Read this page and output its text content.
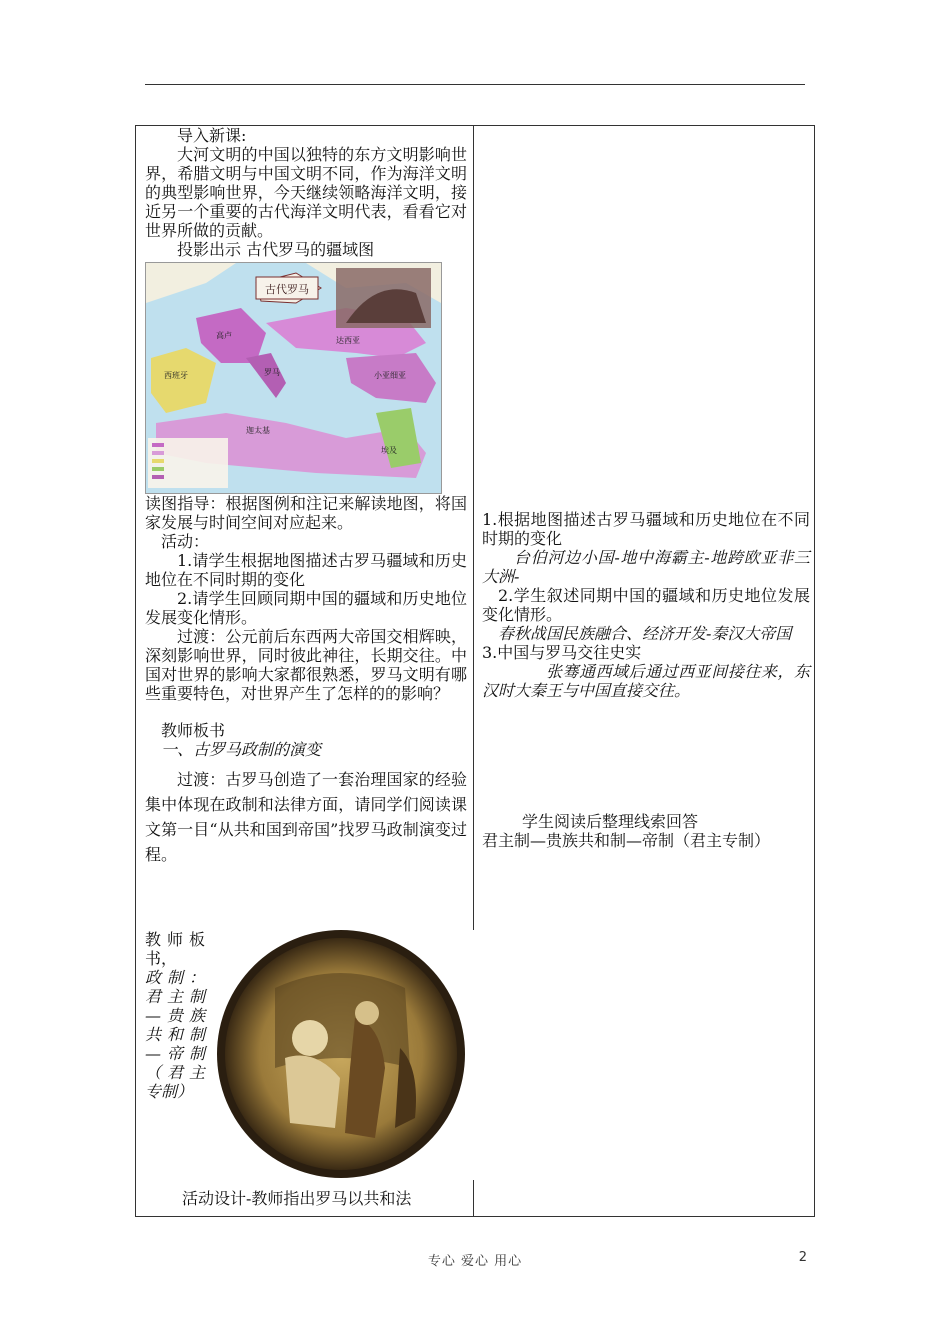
导入新课:

大河文明的中国以独特的东方文明影响世界，希腊文明与中国文明不同，作为海洋文明的典型影响世界，今天继续领略海洋文明，接近另一个重要的古代海洋文明代表，看看它对世界所做的贡献。

投影出示 古代罗马的疆域图

古代罗马
西班牙
高卢
罗马
达西亚
小亚细亚
埃及
迦太基

读图指导：根据图例和注记来解读地图，将国家发展与时间空间对应起来。

活动：

1.请学生根据地图描述古罗马疆域和历史地位在不同时期的变化

2.请学生回顾同期中国的疆域和历史地位发展变化情形。

过渡：公元前后东西两大帝国交相辉映，深刻影响世界，同时彼此神往，长期交往。中国对世界的影响大家都很熟悉，罗马文明有哪些重要特色，对世界产生了怎样的的影响？

教师板书

一、古罗马政制的演变

过渡：古罗马创造了一套治理国家的经验集中体现在政制和法律方面，请同学们阅读课文第一目“从共和国到帝国”找罗马政制演变过程。

教师板书，

政制：君主制—贵族共和制—帝制（君主专制）

活动设计-教师指出罗马以共和法

1.根据地图描述古罗马疆域和历史地位在不同时期的变化

台伯河边小国-地中海霸主-地跨欧亚非三大洲-

2.学生叙述同期中国的疆域和历史地位发展变化情形。

春秋战国民族融合、经济开发-秦汉大帝国

3.中国与罗马交往史实

张骞通西域后通过西亚间接往来，东汉时大秦王与中国直接交往。

学生阅读后整理线索回答

君主制—贵族共和制—帝制（君主专制）

专心 爱心 用心	2
